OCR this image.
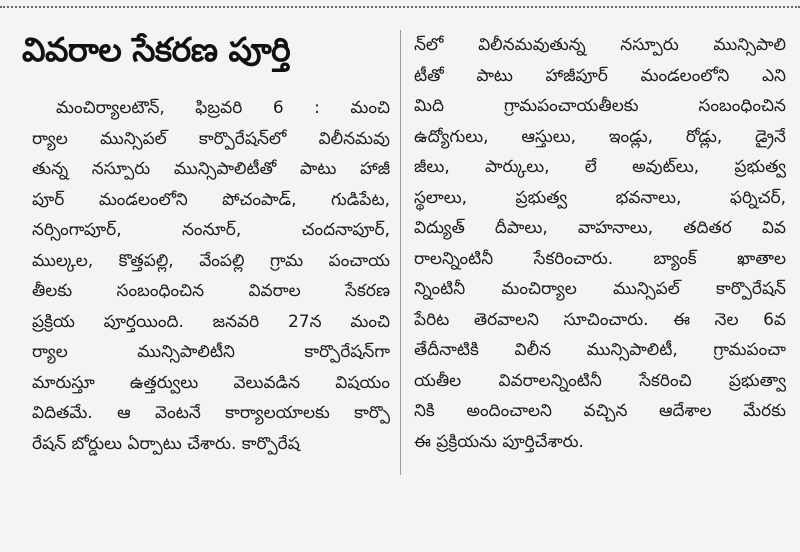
వివరాల సేకరణ పూర్తి
మంచిర్యాలటౌన్, ఫిబ్రవరి 6 : మంచి
ర్యాల మున్సిపల్ కార్పొరేషన్‌లో విలీనమవు
తున్న నస్పూరు మున్సిపాలిటీతో పాటు హాజీ
పూర్ మండలంలోని పోచంపాడ్, గుడిపేట,
నర్సింగాపూర్, నంనూర్, చందనాపూర్,
ముల్కల, కొత్తపల్లి, వేంపల్లి గ్రామ పంచాయ
తీలకు సంబంధించిన వివరాల సేకరణ
ప్రక్రియ పూర్తయింది. జనవరి 27న మంచి
ర్యాల మున్సిపాలిటీని కార్పొరేషన్‌గా
మారుస్తూ ఉత్తర్వులు వెలువడిన విషయం
విదితమే. ఆ వెంటనే కార్యాలయాలకు కార్పొ
రేషన్ బోర్డులు ఏర్పాటు చేశారు. కార్పొరేష
న్‌లో విలీనమవుతున్న నస్పూరు మున్సిపాలి
టీతో పాటు హాజీపూర్ మండలంలోని ఎని
మిది గ్రామపంచాయతీలకు సంబంధించిన
ఉద్యోగులు, ఆస్తులు, ఇండ్లు, రోడ్లు, డ్రైనే
జీలు, పార్కులు, లే అవుట్‌లు, ప్రభుత్వ
స్థలాలు, ప్రభుత్వ భవనాలు, ఫర్నిచర్,
విద్యుత్ దీపాలు, వాహనాలు, తదితర వివ
రాలన్నింటినీ సేకరించారు. బ్యాంక్ ఖాతాల
న్నింటినీ మంచిర్యాల మున్సిపల్ కార్పొరేషన్
పేరిట తెరవాలని సూచించారు. ఈ నెల 6వ
తేదీనాటికి విలీన మున్సిపాలిటీ, గ్రామపంచా
యతీల వివరాలన్నింటినీ సేకరించి ప్రభుత్వా
నికి అందించాలని వచ్చిన ఆదేశాల మేరకు
ఈ ప్రక్రియను పూర్తిచేశారు.
